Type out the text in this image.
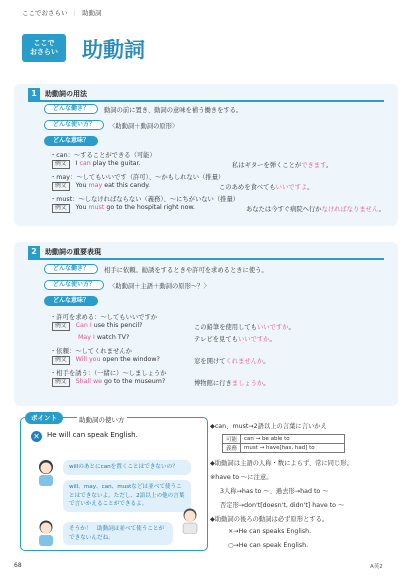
ここでおさらい ｜ 助動詞
ここで
おさらい	助動詞
1	助動詞の用法
どんな働き？	動詞の前に置き、動詞の意味を補う働きをする。
どんな使い方？	〈助動詞＋動詞の原形〉
どんな意味？
・can：～することができる（可能）
例文 I can play the guitar.	私はギターを弾くことができます。
・may：～してもいいです（許可）、～かもしれない（推量）
例文 You may eat this candy.	このあめを食べてもいいですよ。
・must：～しなければならない（義務）、～にちがいない（推量）
例文 You must go to the hospital right now.	あなたは今すぐ病院へ行かなければなりません。
2	助動詞の重要表現
どんな働き？	相手に依頼。勧誘をするときや許可を求めるときに使う。
どんな使い方？	〈助動詞＋主語＋動詞の原形～？〉
どんな意味？
・許可を求める：～してもいいですか
例文 Can I use this pencil?	この鉛筆を使用してもいいですか。
May I watch TV?	テレビを見てもいいですか。
・依頼：～してくれませんか
例文 Will you open the window?	窓を開けてくれませんか。
・相手を誘う：（一緒に）～しましょうか
例文 Shall we go to the museum?	博物館に行きましょうか。
ポイント	助動詞の使い方
✕	He will can speak English.
willのあとにcanを置くことはできないの？
will、may、can、mustなどは並べて使うことはできないよ。ただし、2語以上の他の言葉で言いかえることができるよ。
そうか！　助動詞は並べて使うことができないんだね。
◆can、must→2語以上の言葉に言いかえ
可能	can → be able to
義務	must → have[has, had] to
◆助動詞は主語の人称・数によらず、常に同じ形。
※have to ～に注意。
3人称→has to ～、過去形→had to ～
否定形→don't[doesn't, didn't] have to ～
◆助動詞の後ろの動詞は必ず原形とする。
×→He can speaks English.
○→He can speak English.
68	A英2
